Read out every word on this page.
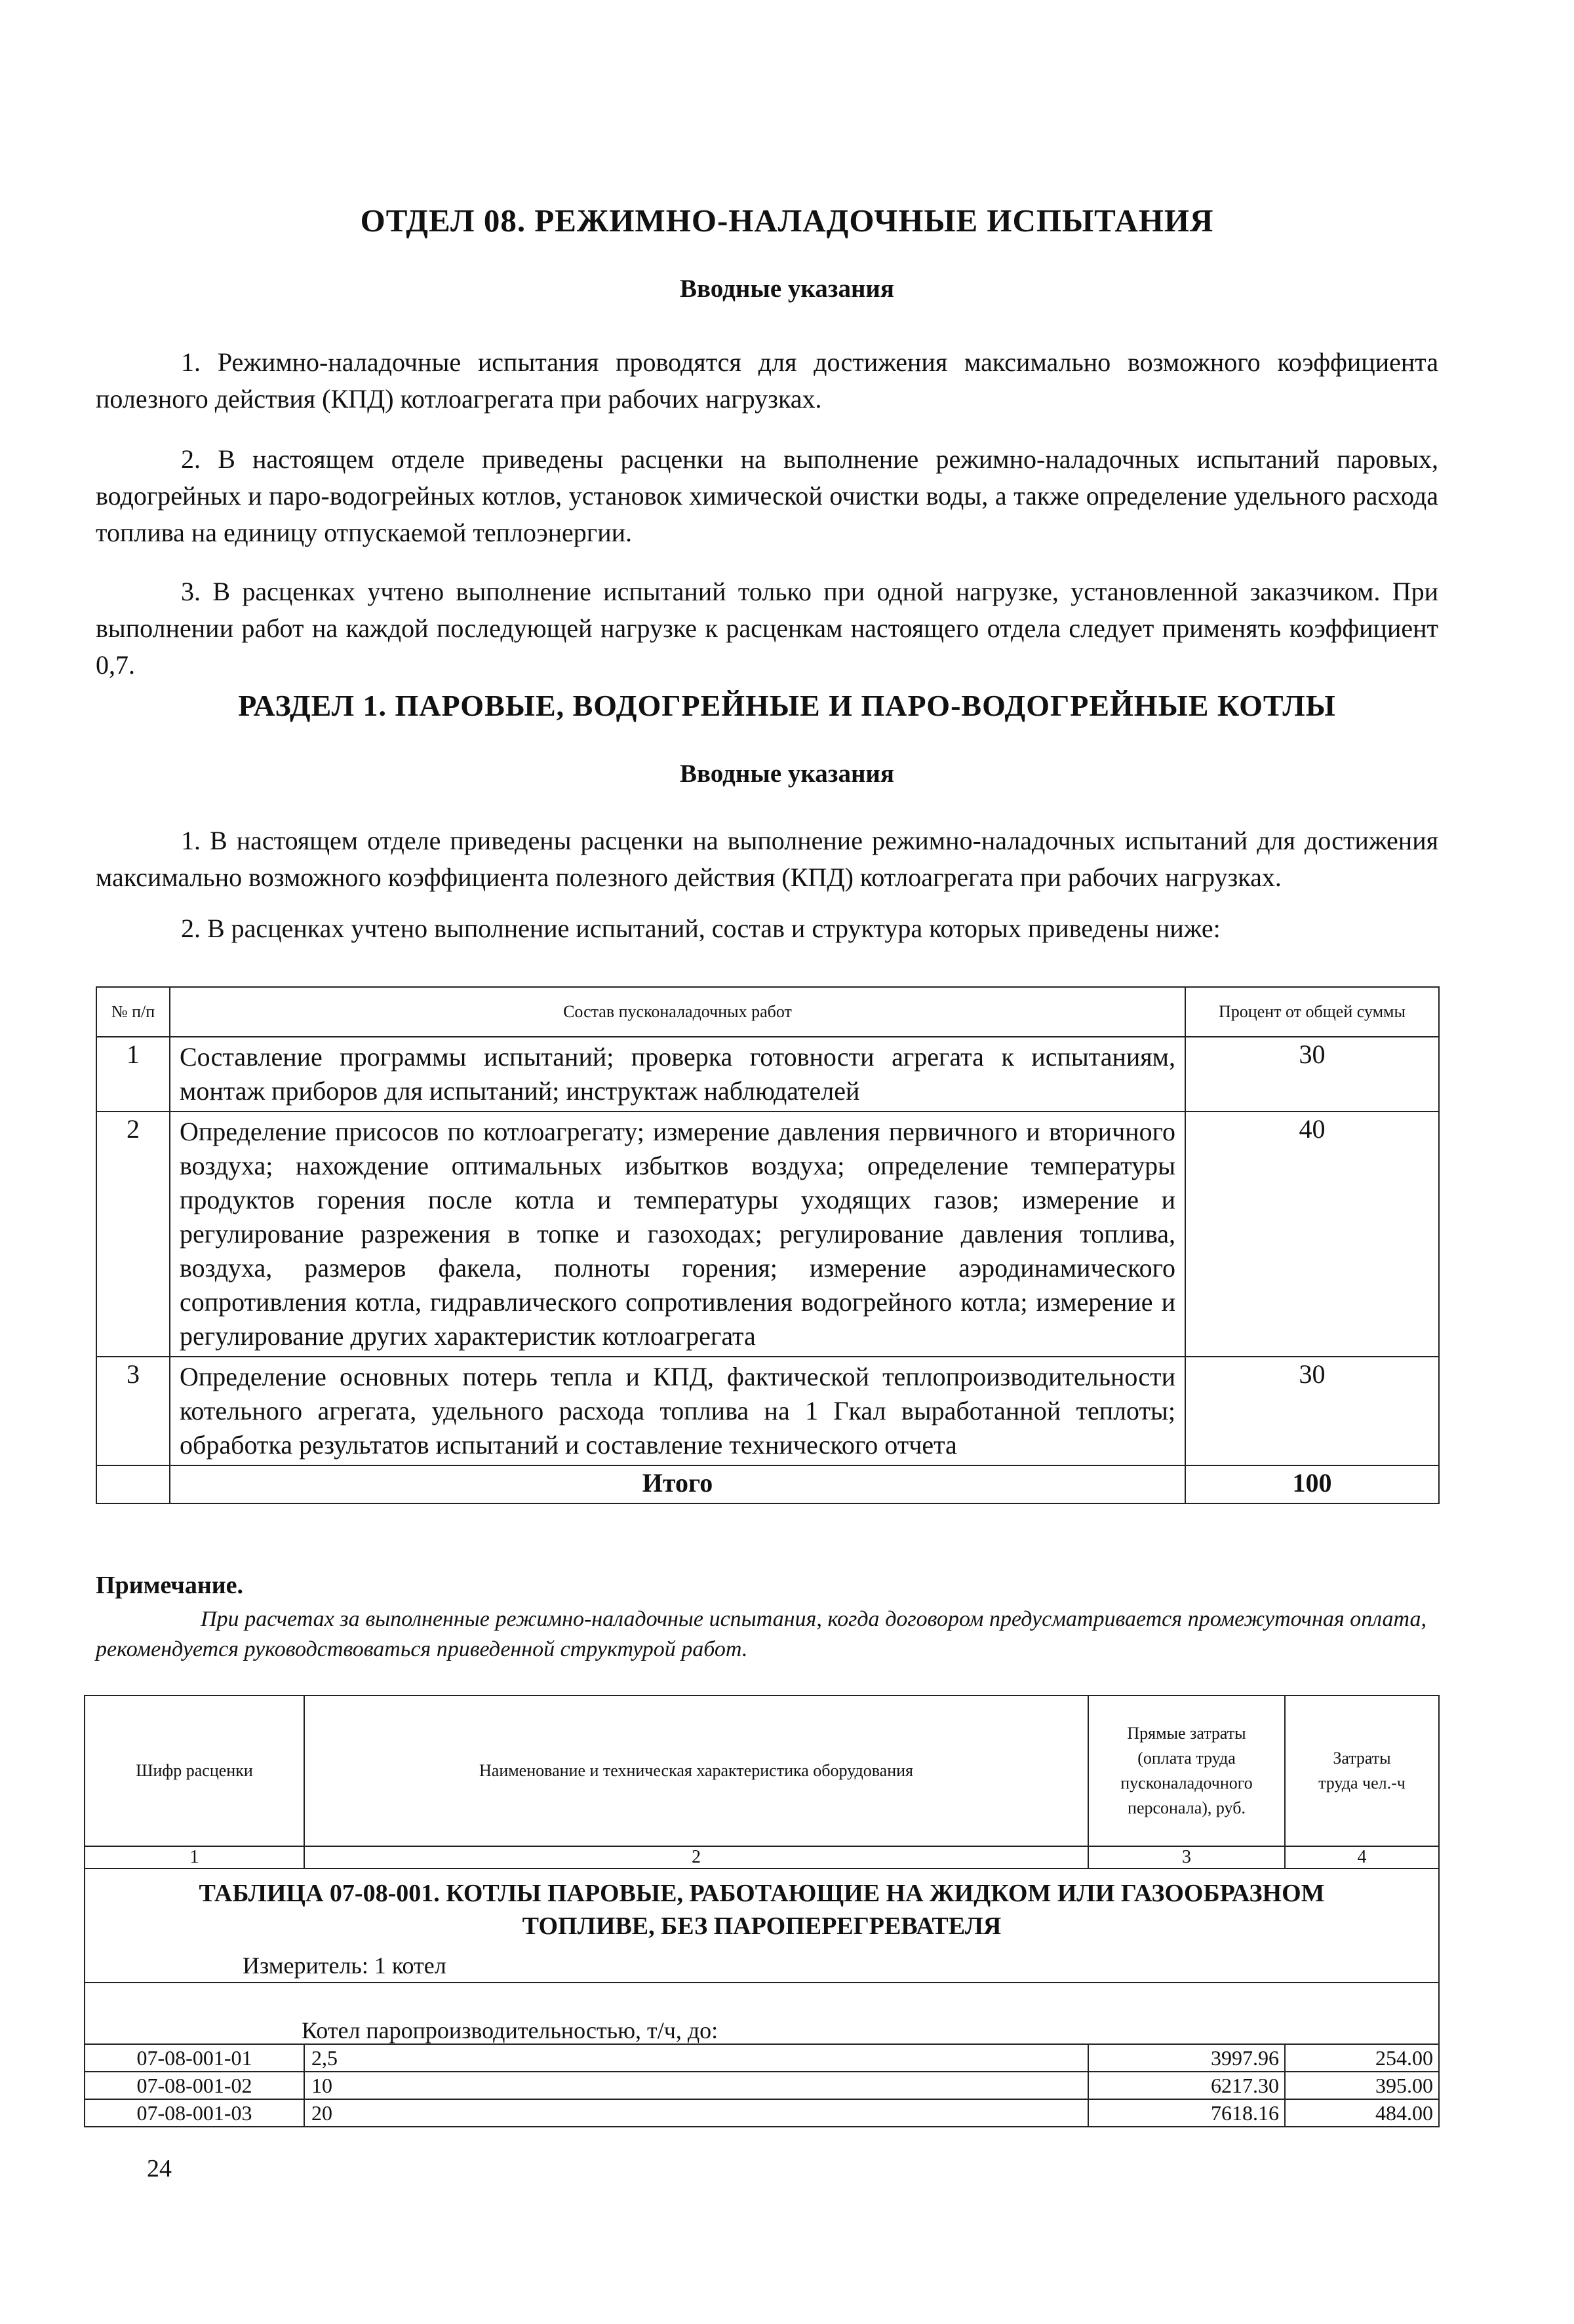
ОТДЕЛ 08. РЕЖИМНО-НАЛАДОЧНЫЕ ИСПЫТАНИЯ
Вводные указания

1. Режимно-наладочные испытания проводятся для достижения максимально возможного коэффициента полезного действия (КПД) котлоагрегата при рабочих нагрузках.

2. В настоящем отделе приведены расценки на выполнение режимно-наладочных испытаний паровых, водогрейных и паро-водогрейных котлов, установок химической очистки воды, а также определение удельного расхода топлива на единицу отпускаемой теплоэнергии.

3. В расценках учтено выполнение испытаний только при одной нагрузке, установленной заказчиком. При выполнении работ на каждой последующей нагрузке к расценкам настоящего отдела следует применять коэффициент 0,7.

РАЗДЕЛ 1. ПАРОВЫЕ, ВОДОГРЕЙНЫЕ И ПАРО-ВОДОГРЕЙНЫЕ КОТЛЫ
Вводные указания

1. В настоящем отделе приведены расценки на выполнение режимно-наладочных испытаний для достижения максимально возможного коэффициента полезного действия (КПД) котлоагрегата при рабочих нагрузках.

2. В расценках учтено выполнение испытаний, состав и структура которых приведены ниже:

№ п/п	Состав пусконаладочных работ	Процент от общей суммы
1	Составление программы испытаний; проверка готовности агрегата к испытаниям, монтаж приборов для испытаний; инструктаж наблюдателей	30
2	Определение присосов по котлоагрегату; измерение давления первичного и вторичного воздуха; нахождение оптимальных избытков воздуха; определение температуры продуктов горения после котла и температуры уходящих газов; измерение и регулирование разрежения в топке и газоходах; регулирование давления топлива, воздуха, размеров факела, полноты горения; измерение аэродинамического сопротивления котла, гидравлического сопротивления водогрейного котла; измерение и регулирование других характеристик котлоагрегата	40
3	Определение основных потерь тепла и КПД, фактической теплопроизводительности котельного агрегата, удельного расхода топлива на 1 Гкал выработанной теплоты; обработка результатов испытаний и составление технического отчета	30
	Итого	100
Примечание.
При расчетах за выполненные режимно-наладочные испытания, когда договором предусматривается промежуточная оплата, рекомендуется руководствоваться приведенной структурой работ.
Шифр расценки	Наименование и техническая характеристика оборудования	Прямые затраты (оплата труда пусконаладочного персонала), руб.	Затраты труда чел.-ч
1	2	3	4

ТАБЛИЦА 07-08-001. КОТЛЫ ПАРОВЫЕ, РАБОТАЮЩИЕ НА ЖИДКОМ ИЛИ ГАЗООБРАЗНОМ
ТОПЛИВЕ, БЕЗ ПАРОПЕРЕГРЕВАТЕЛЯ
Измеритель: 1 котел			

Котел паропроизводительностью, т/ч, до:			
07-08-001-01	2,5	3997.96	254.00
07-08-001-02	10	6217.30	395.00
07-08-001-03	20	7618.16	484.00
24
